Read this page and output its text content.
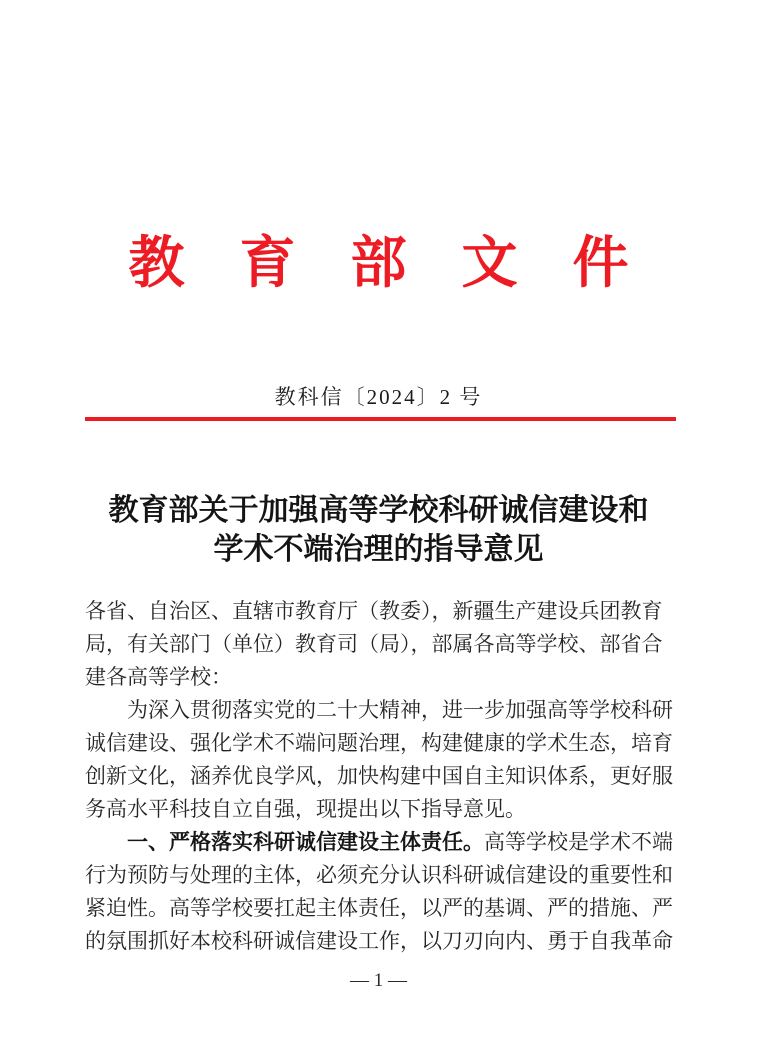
教育部文件
教科信〔2024〕2 号
教育部关于加强高等学校科研诚信建设和
学术不端治理的指导意见
各省、自治区、直辖市教育厅（教委），新疆生产建设兵团教育
局，有关部门（单位）教育司（局），部属各高等学校、部省合
建各高等学校：
为深入贯彻落实党的二十大精神，进一步加强高等学校科研
诚信建设、强化学术不端问题治理，构建健康的学术生态，培育
创新文化，涵养优良学风，加快构建中国自主知识体系，更好服
务高水平科技自立自强，现提出以下指导意见。
一、严格落实科研诚信建设主体责任。高等学校是学术不端
行为预防与处理的主体，必须充分认识科研诚信建设的重要性和
紧迫性。高等学校要扛起主体责任，以严的基调、严的措施、严
的氛围抓好本校科研诚信建设工作，以刀刃向内、勇于自我革命
— 1 —
